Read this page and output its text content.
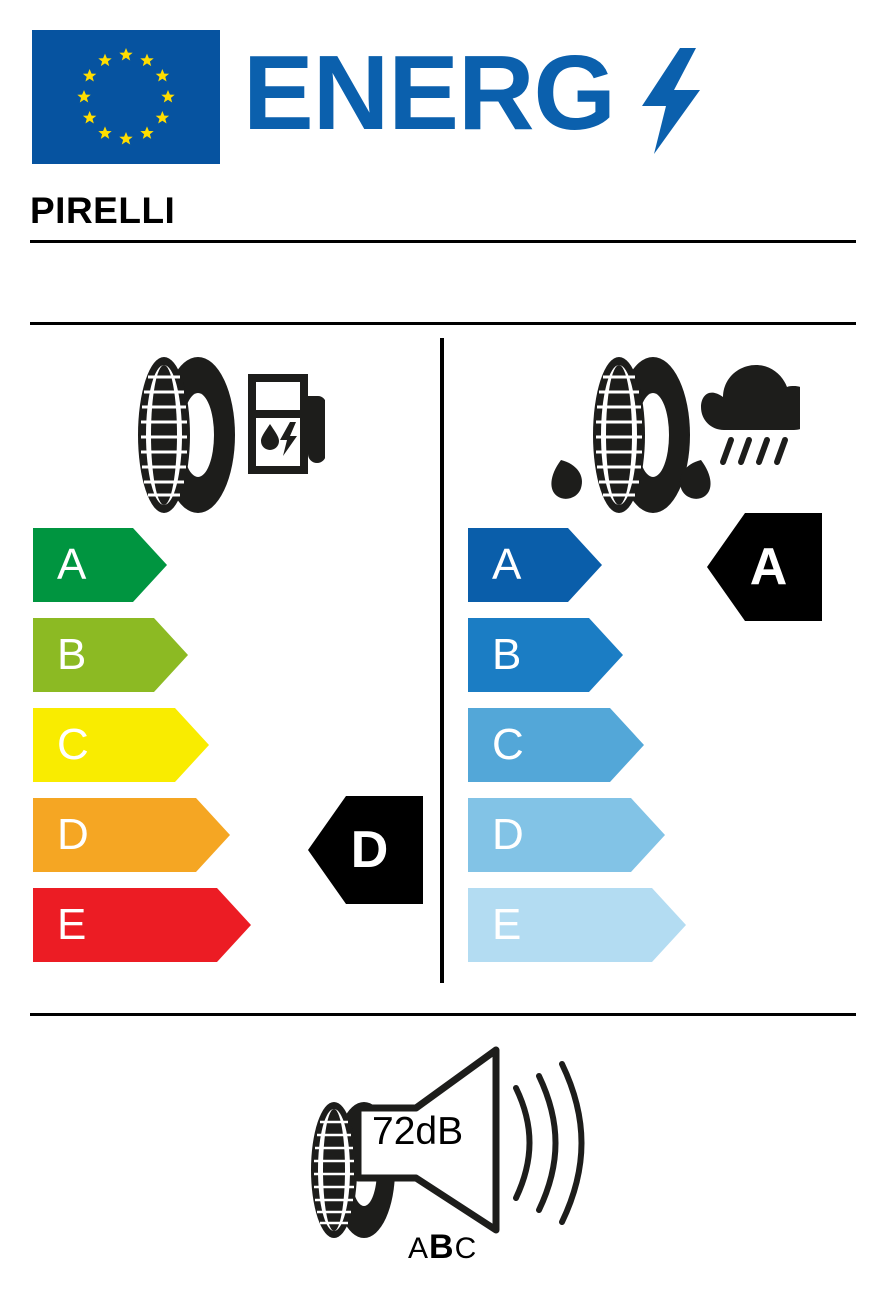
ENERG
PIRELLI
A
B
C
D
E
A
B
C
D
E
D
A
72dB
ABC
